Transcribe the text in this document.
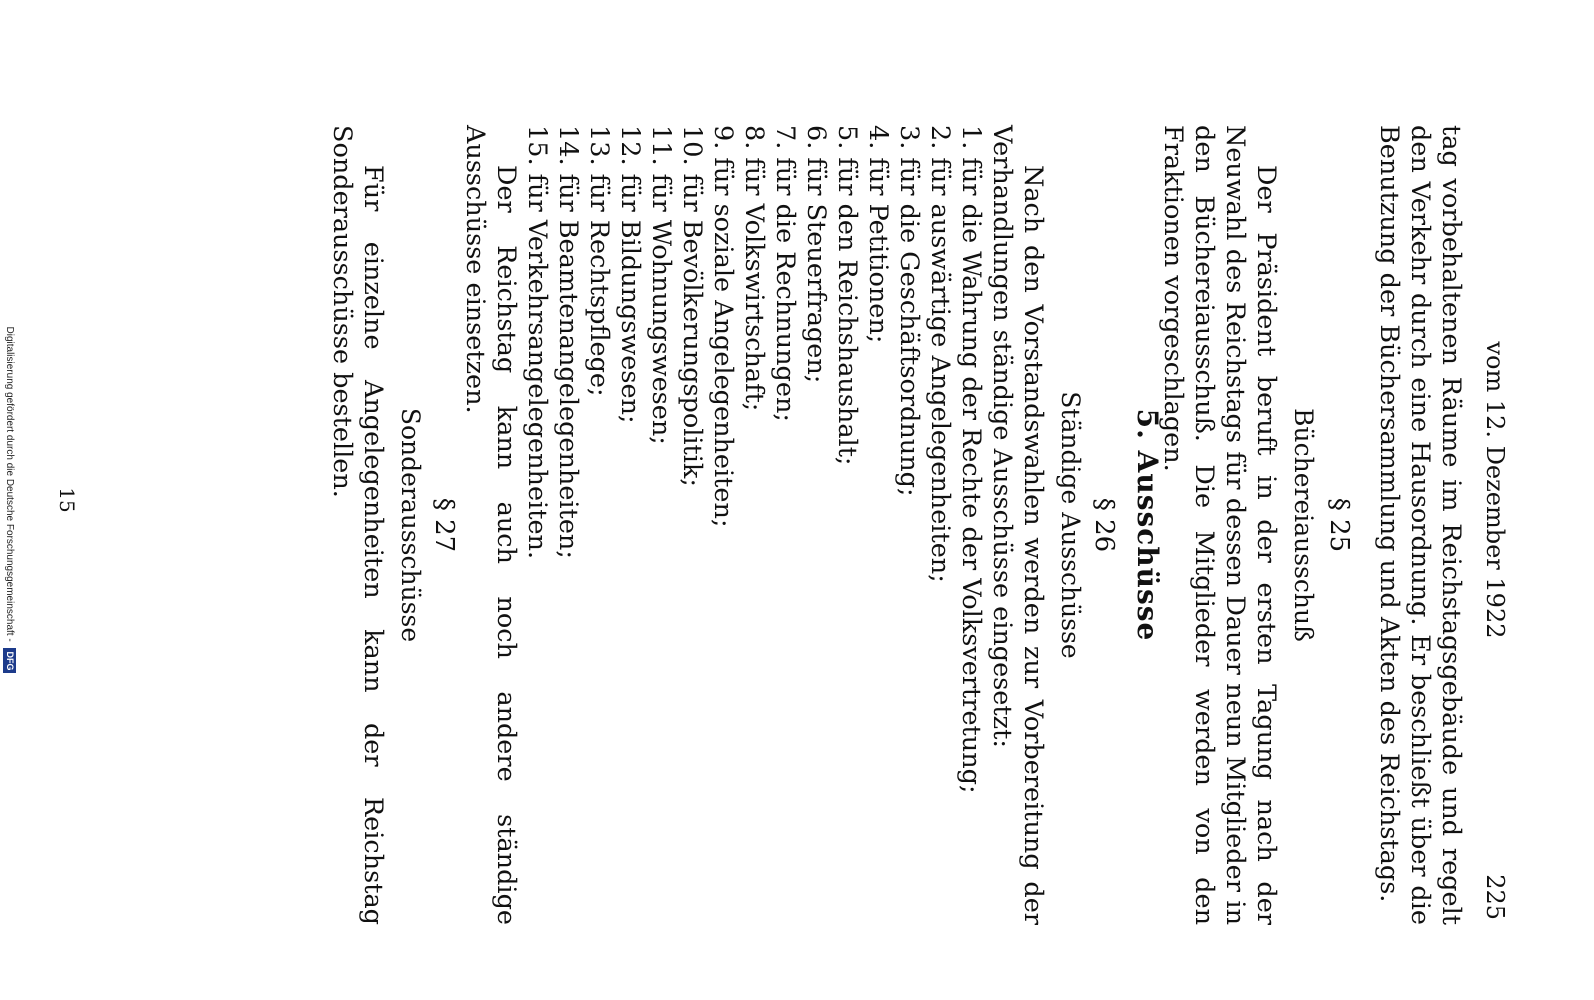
vom 12. Dezember 1922
225
tag vorbehaltenen Räume im Reichstagsgebäude und regelt den Verkehr durch eine Hausordnung. Er beschließt über die Benutzung der Büchersammlung und Akten des Reichstags.
§ 25
Büchereiausschuß
Der Präsident beruft in der ersten Tagung nach der Neuwahl des Reichstags für dessen Dauer neun Mitglieder in den Büchereiausschuß. Die Mitglieder werden von den Fraktionen vorgeschlagen.
5. Ausschüsse
§ 26
Ständige Ausschüsse
Nach den Vorstandswahlen werden zur Vorbereitung der Verhandlungen ständige Ausschüsse eingesetzt:
1. für die Wahrung der Rechte der Volksvertretung;
2. für auswärtige Angelegenheiten;
3. für die Geschäftsordnung;
4. für Petitionen;
5. für den Reichshaushalt;
6. für Steuerfragen;
7. für die Rechnungen;
8. für Volkswirtschaft;
9. für soziale Angelegenheiten;
10. für Bevölkerungspolitik;
11. für Wohnungswesen;
12. für Bildungswesen;
13. für Rechtspflege;
14. für Beamtenangelegenheiten;
15. für Verkehrsangelegenheiten.
Der Reichstag kann auch noch andere ständige Ausschüsse einsetzen.
§ 27
Sonderausschüsse
Für einzelne Angelegenheiten kann der Reichstag Sonderausschüsse bestellen.
15
Digitalisierung gefördert durch die Deutsche Forschungsgemeinschaft - DFG
